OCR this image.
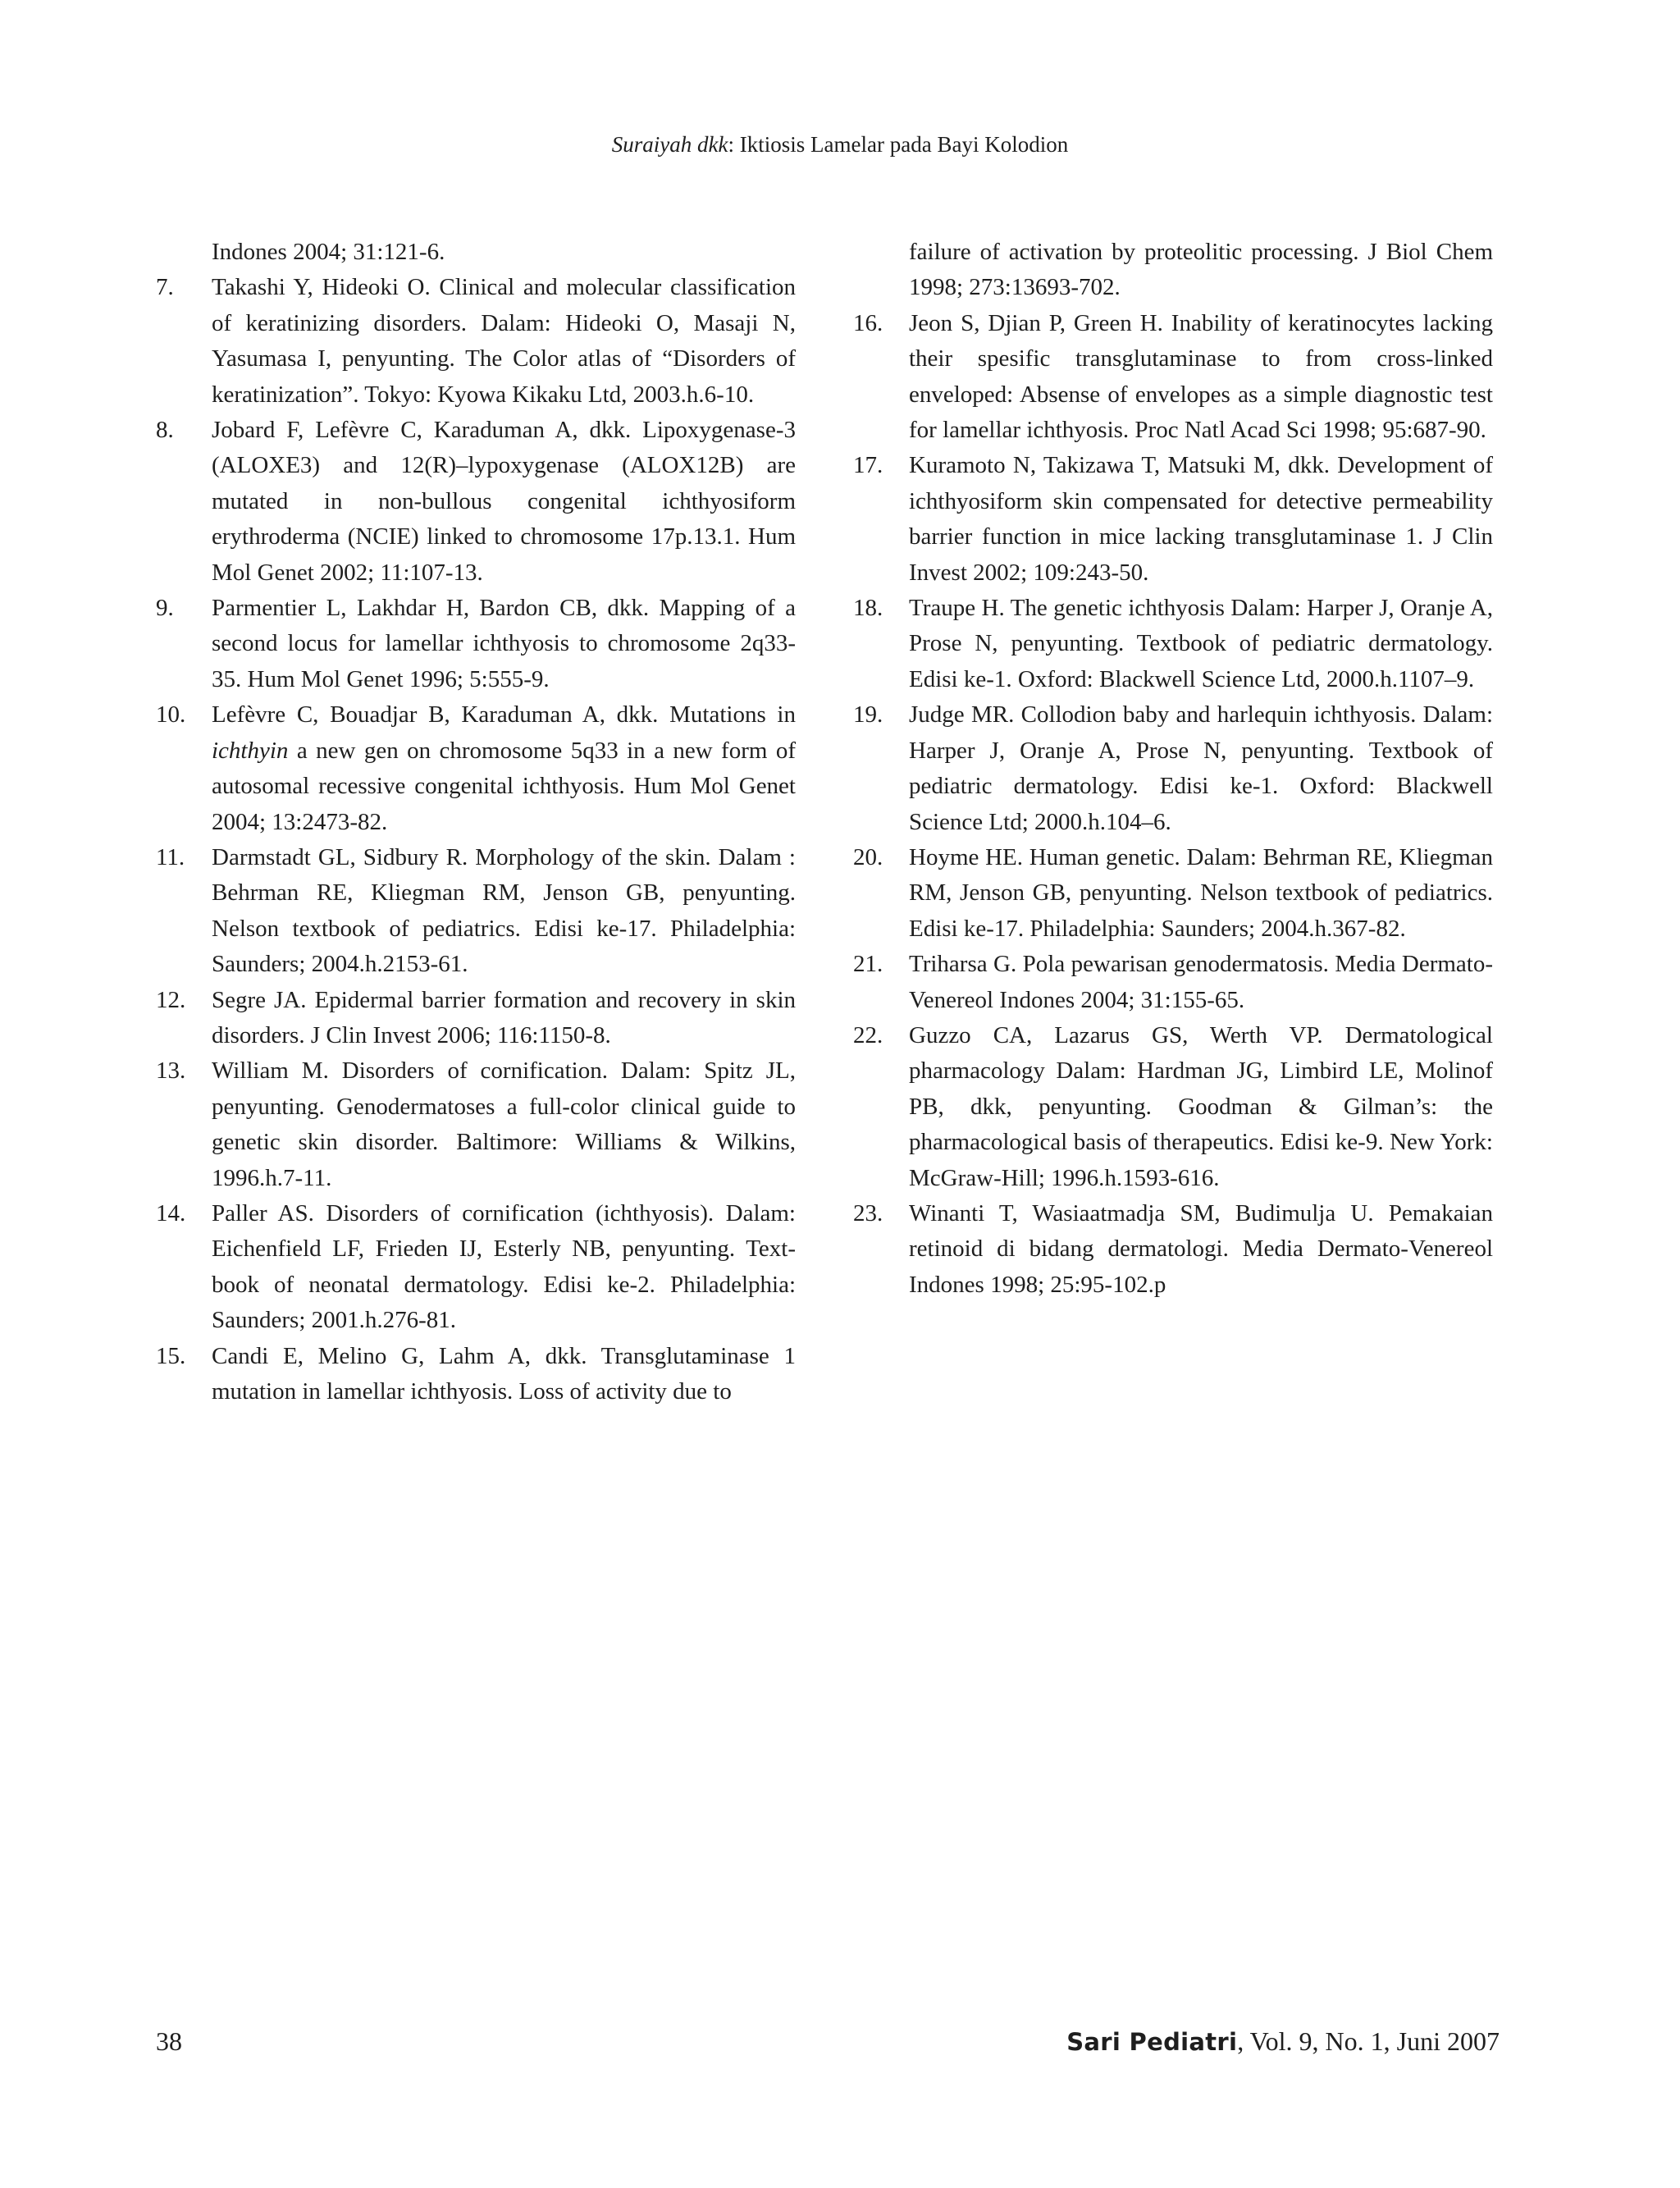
Suraiyah dkk: Iktiosis Lamelar pada Bayi Kolodion

Indones 2004; 31:121-6.

7.	Takashi Y, Hideoki O. Clinical and molecular classification of keratinizing disorders. Dalam: Hideoki O, Masaji N, Yasumasa I, penyunting. The Color atlas of “Disorders of keratinization”. Tokyo: Kyowa Kikaku Ltd, 2003.h.6-10.

8.	Jobard F, Lefèvre C, Karaduman A, dkk. Lipoxygenase-3 (ALOXE3) and 12(R)–lypoxygenase (ALOX12B) are mutated in non-bullous congenital ichthyosiform erythroderma (NCIE) linked to chromosome 17p.13.1. Hum Mol Genet 2002; 11:107-13.

9.	Parmentier L, Lakhdar H, Bardon CB, dkk. Mapping of a second locus for lamellar ichthyosis to chromosome 2q33-35. Hum Mol Genet 1996; 5:555-9.

10.	Lefèvre C, Bouadjar B, Karaduman A, dkk. Mutations in ichthyin a new gen on chromosome 5q33 in a new form of autosomal recessive congenital ichthyosis. Hum Mol Genet 2004; 13:2473-82.

11.	Darmstadt GL, Sidbury R. Morphology of the skin. Dalam : Behrman RE, Kliegman RM, Jenson GB, penyunting. Nelson textbook of pediatrics. Edisi ke-17. Philadelphia: Saunders; 2004.h.2153-61.

12.	Segre JA. Epidermal barrier formation and recovery in skin disorders. J Clin Invest 2006; 116:1150-8.

13.	William M. Disorders of cornification. Dalam: Spitz JL, penyunting. Genodermatoses a full-color clinical guide to genetic skin disorder. Baltimore: Williams & Wilkins, 1996.h.7-11.

14.	Paller AS. Disorders of cornification (ichthyosis). Dalam: Eichenfield LF, Frieden IJ, Esterly NB, penyunting. Text-book of neonatal dermatology. Edisi ke-2. Philadelphia: Saunders; 2001.h.276-81.

15.	Candi E, Melino G, Lahm A, dkk. Transglutaminase 1 mutation in lamellar ichthyosis. Loss of activity due to

failure of activation by proteolitic processing. J Biol Chem 1998; 273:13693-702.

16.	Jeon S, Djian P, Green H. Inability of keratinocytes lacking their spesific transglutaminase to from cross-linked enveloped: Absense of envelopes as a simple diagnostic test for lamellar ichthyosis. Proc Natl Acad Sci 1998; 95:687-90.

17.	Kuramoto N, Takizawa T, Matsuki M, dkk. Development of ichthyosiform skin compensated for detective permeability barrier function in mice lacking transglutaminase 1. J Clin Invest 2002; 109:243-50.

18.	Traupe H. The genetic ichthyosis Dalam: Harper J, Oranje A, Prose N, penyunting. Textbook of pediatric dermatology. Edisi ke-1. Oxford: Blackwell Science Ltd, 2000.h.1107–9.

19.	Judge MR. Collodion baby and harlequin ichthyosis. Dalam: Harper J, Oranje A, Prose N, penyunting. Textbook of pediatric dermatology. Edisi ke-1. Oxford: Blackwell Science Ltd; 2000.h.104–6.

20.	Hoyme HE. Human genetic. Dalam: Behrman RE, Kliegman RM, Jenson GB, penyunting. Nelson textbook of pediatrics. Edisi ke-17. Philadelphia: Saunders; 2004.h.367-82.

21.	Triharsa G. Pola pewarisan genodermatosis. Media Dermato-Venereol Indones 2004; 31:155-65.

22.	Guzzo CA, Lazarus GS, Werth VP. Dermatological pharmacology Dalam: Hardman JG, Limbird LE, Molinof PB, dkk, penyunting. Goodman & Gilman’s: the pharmacological basis of therapeutics. Edisi ke-9. New York: McGraw-Hill; 1996.h.1593-616.

23.	Winanti T, Wasiaatmadja SM, Budimulja U. Pemakaian retinoid di bidang dermatologi. Media Dermato-Venereol Indones 1998; 25:95-102.p

38	Sari Pediatri, Vol. 9, No. 1, Juni 2007
